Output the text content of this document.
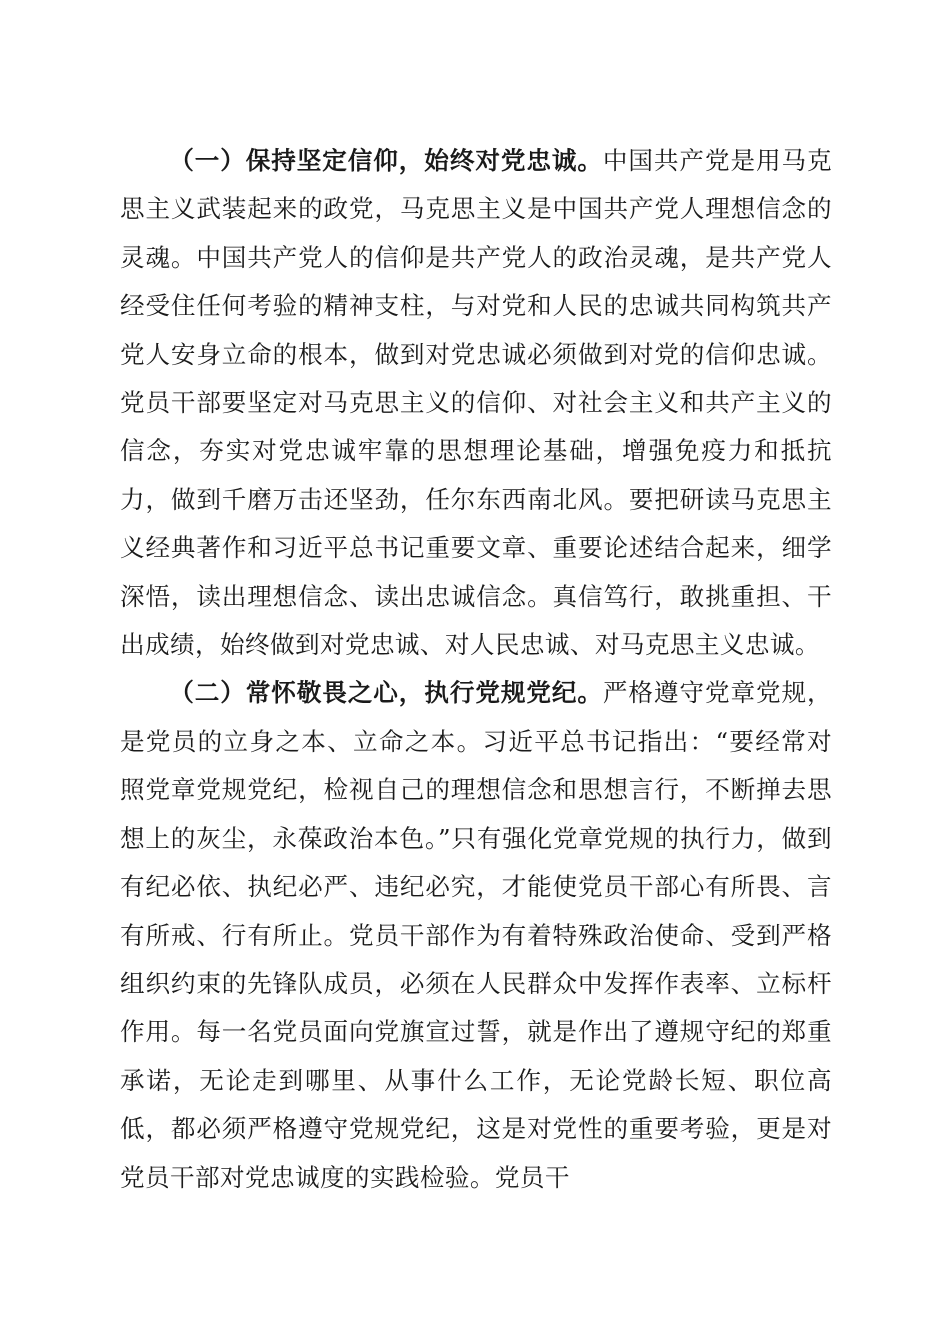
（一）保持坚定信仰，始终对党忠诚。中国共产党是用马克思主义武装起来的政党，马克思主义是中国共产党人理想信念的灵魂。中国共产党人的信仰是共产党人的政治灵魂，是共产党人经受住任何考验的精神支柱，与对党和人民的忠诚共同构筑共产党人安身立命的根本，做到对党忠诚必须做到对党的信仰忠诚。党员干部要坚定对马克思主义的信仰、对社会主义和共产主义的信念，夯实对党忠诚牢靠的思想理论基础，增强免疫力和抵抗力，做到千磨万击还坚劲，任尔东西南北风。要把研读马克思主义经典著作和习近平总书记重要文章、重要论述结合起来，细学深悟，读出理想信念、读出忠诚信念。真信笃行，敢挑重担、干出成绩，始终做到对党忠诚、对人民忠诚、对马克思主义忠诚。

（二）常怀敬畏之心，执行党规党纪。严格遵守党章党规，是党员的立身之本、立命之本。习近平总书记指出：“要经常对照党章党规党纪，检视自己的理想信念和思想言行，不断掸去思想上的灰尘，永葆政治本色。”只有强化党章党规的执行力，做到有纪必依、执纪必严、违纪必究，才能使党员干部心有所畏、言有所戒、行有所止。党员干部作为有着特殊政治使命、受到严格组织约束的先锋队成员，必须在人民群众中发挥作表率、立标杆作用。每一名党员面向党旗宣过誓，就是作出了遵规守纪的郑重承诺，无论走到哪里、从事什么工作，无论党龄长短、职位高低，都必须严格遵守党规党纪，这是对党性的重要考验，更是对党员干部对党忠诚度的实践检验。党员干
